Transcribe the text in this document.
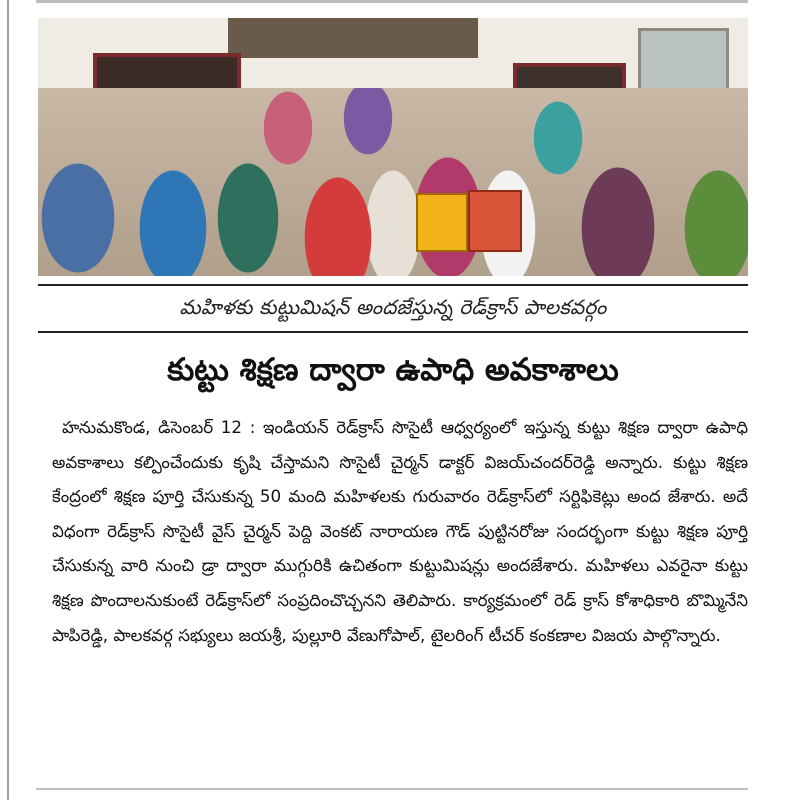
మహిళకు కుట్టుమిషన్ అందజేస్తున్న రెడ్‌క్రాస్ పాలకవర్గం
కుట్టు శిక్షణ ద్వారా ఉపాధి అవకాశాలు
హనుమకొండ, డిసెంబర్ 12 : ఇండియన్ రెడ్‌క్రాస్ సొసైటీ ఆధ్వర్యంలో ఇస్తున్న కుట్టు శిక్షణ ద్వారా ఉపాధి అవకాశాలు కల్పించేందుకు కృషి చేస్తామని సొసైటీ చైర్మన్ డాక్టర్ విజయ్‌చందర్‌రెడ్డి అన్నారు. కుట్టు శిక్షణ కేంద్రంలో శిక్షణ పూర్తి చేసుకున్న 50 మంది మహిళలకు గురువారం రెడ్‌క్రాస్‌లో సర్టిఫికెట్లు అంద జేశారు. అదే విధంగా రెడ్‌క్రాస్ సొసైటీ వైస్ చైర్మన్ పెద్ది వెంకట్ నారాయణ గౌడ్ పుట్టినరోజు సందర్భంగా కుట్టు శిక్షణ పూర్తి చేసుకున్న వారి నుంచి డ్రా ద్వారా ముగ్గురికి ఉచితంగా కుట్టుమిషన్లు అందజేశారు. మహిళలు ఎవరైనా కుట్టు శిక్షణ పొందాలనుకుంటే రెడ్‌క్రాస్‌లో సంప్రదించొచ్చనని తెలిపారు. కార్యక్రమంలో రెడ్ క్రాస్ కోశాధికారి బొమ్మినేని పాపిరెడ్డి, పాలకవర్గ సభ్యులు జయశ్రీ, పుల్లూరి వేణుగోపాల్, టైలరింగ్ టీచర్ కంకణాల విజయ పాల్గొన్నారు.
